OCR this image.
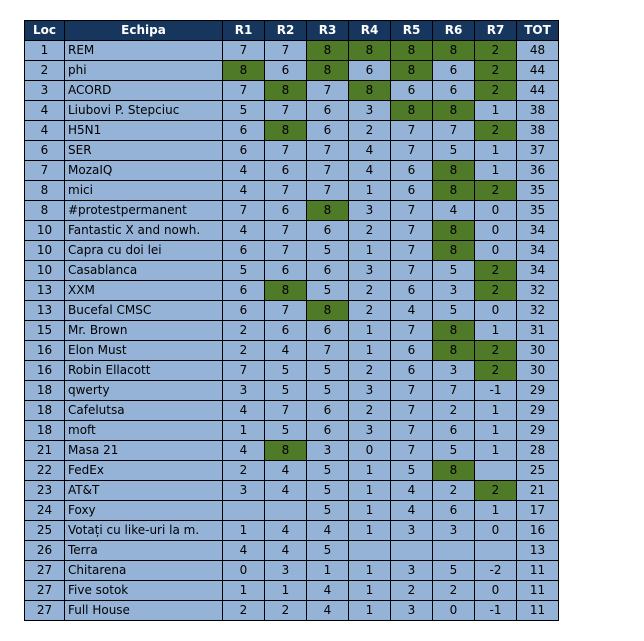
Loc	Echipa	R1	R2	R3	R4	R5	R6	R7	TOT
1	REM	7	7	8	8	8	8	2	48
2	phi	8	6	8	6	8	6	2	44
3	ACORD	7	8	7	8	6	6	2	44
4	Liubovi P. Stepciuc	5	7	6	3	8	8	1	38
4	H5N1	6	8	6	2	7	7	2	38
6	SER	6	7	7	4	7	5	1	37
7	MozaIQ	4	6	7	4	6	8	1	36
8	mici	4	7	7	1	6	8	2	35
8	#protestpermanent	7	6	8	3	7	4	0	35
10	Fantastic X and nowh.	4	7	6	2	7	8	0	34
10	Capra cu doi lei	6	7	5	1	7	8	0	34
10	Casablanca	5	6	6	3	7	5	2	34
13	XXM	6	8	5	2	6	3	2	32
13	Bucefal CMSC	6	7	8	2	4	5	0	32
15	Mr. Brown	2	6	6	1	7	8	1	31
16	Elon Must	2	4	7	1	6	8	2	30
16	Robin Ellacott	7	5	5	2	6	3	2	30
18	qwerty	3	5	5	3	7	7	-1	29
18	Cafelutsa	4	7	6	2	7	2	1	29
18	moft	1	5	6	3	7	6	1	29
21	Masa 21	4	8	3	0	7	5	1	28
22	FedEx	2	4	5	1	5	8		25
23	AT&T	3	4	5	1	4	2	2	21
24	Foxy			5	1	4	6	1	17
25	Votați cu like-uri la m.	1	4	4	1	3	3	0	16
26	Terra	4	4	5					13
27	Chitarena	0	3	1	1	3	5	-2	11
27	Five sotok	1	1	4	1	2	2	0	11
27	Full House	2	2	4	1	3	0	-1	11
